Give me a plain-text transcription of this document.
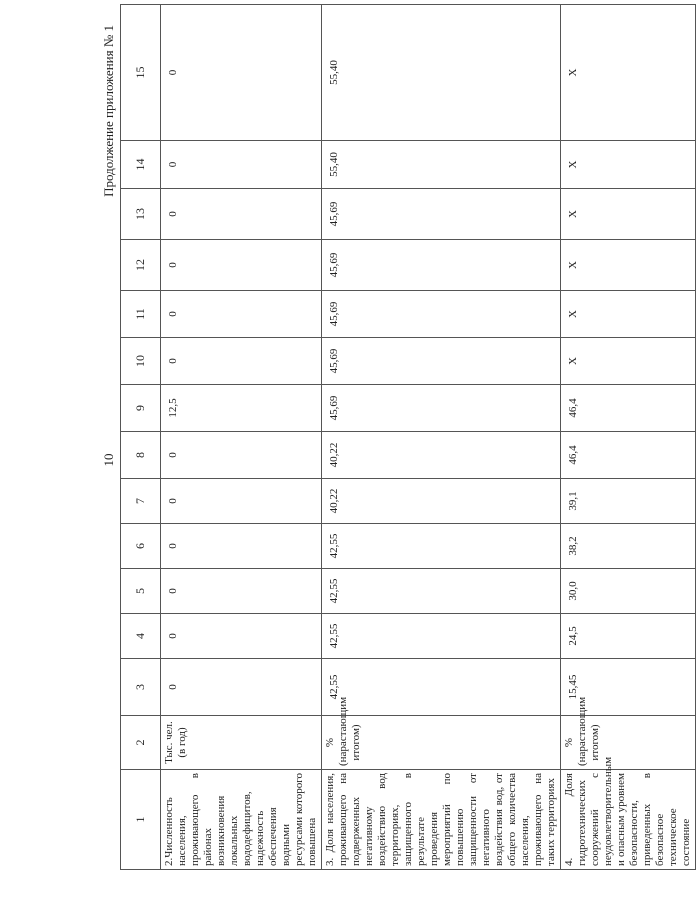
Продолжение приложения № 1
10
1	2	3	4	5	6	7	8	9	10	11	12	13	14	15
2.Численность населения, проживающего в районах возникновения локальных вододефицитов, надежность обеспечения водными ресурсами которого повышена	Тыс. чел. (в год)	0	0	0	0	0	0	12,5	0	0	0	0	0	0
3. Доля населения, проживающего на подверженных негативному воздействию вод территориях, защищенного в результате проведения мероприятий по повышению защищенности от негативного воздействия вод, от общего количества населения, проживающего на таких территориях	% (нарастающим итогом)	42,55	42,55	42,55	42,55	40,22	40,22	45,69	45,69	45,69	45,69	45,69	55,40	55,40
4. Доля гидротехнических сооружений с неудовлетворительным и опасным уровнем безопасности, приведенных в безопасное техническое состояние	% (нарастающим итогом)	15,45	24,5	30,0	38,2	39,1	46,4	46,4	X	X	X	X	X	X
